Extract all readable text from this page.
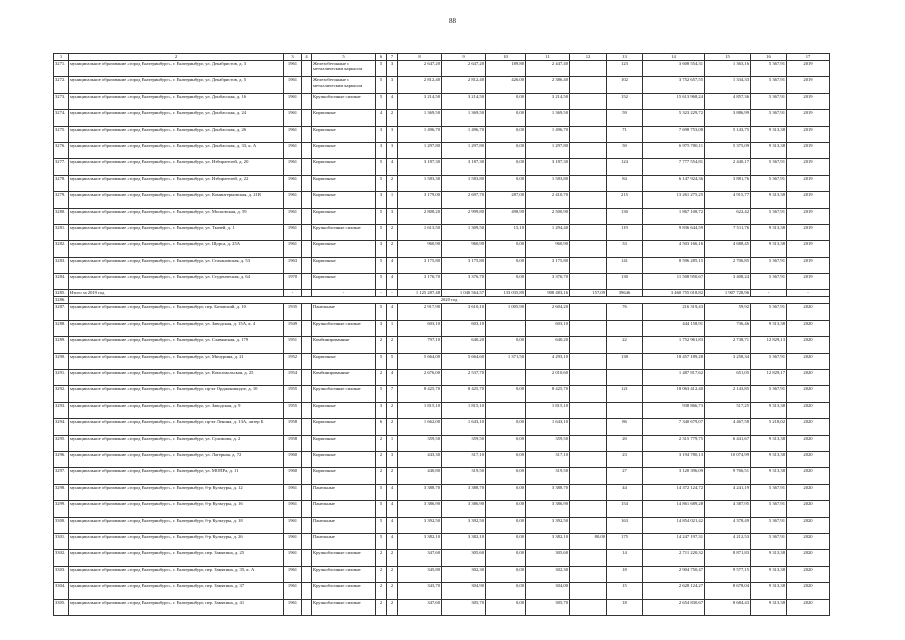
88
1	2	3	4	5	6	7	8	9	10	11	12	13	14	15	16	17
3271.	муниципальное образование «город Екатеринбург», г. Екатеринбург, ул. Декабристов, д. 3	1961		Железобетонные с металлическим каркасом	5	3	2 647,20	2 647,20	189,80	2 447,40		123	3 608 554,31	1 363,16	5 367,91	2019
3272.	муниципальное образование «город Екатеринбург», г. Екатеринбург, ул. Декабристов, д. 5	1961		Железобетонные с металлическим каркасом	5	3	2 812,40	2 812,40	426,00	2 386,40		102	3 752 657,55	1 334,33	5 367,91	2019
3273.	муниципальное образование «город Екатеринбург», г. Екатеринбург, ул. Донбасская, д. 16	1961		Крупноблочные силикат	5	4	3 214,50	3 214,50	0,00	3 214,50		152	15 613 968,24	4 857,36	5 367,91	2019
3274.	муниципальное образование «город Екатеринбург», г. Екатеринбург, ул. Донбасская, д. 24	1961		Кирпичные	4	2	1 369,50	1 369,50	0,00	1 369,50		59	5 323 229,72	3 886,99	5 367,91	2019
3275.	муниципальное образование «город Екатеринбург», г. Екатеринбург, ул. Донбасская, д. 26	1961		Кирпичные	3	3	1 496,70	1 496,70	0,00	1 496,70		71	7 698 753,08	5 143,75	9 313,38	2019
3276.	муниципальное образование «город Екатеринбург», г. Екатеринбург, ул. Донбасская, д. 33, к. А	1961		Кирпичные	3	3	1 297,80	1 297,80	0,00	1 297,80		50	6 975 700,11	5 375,09	9 313,38	2019
3277.	муниципальное образование «город Екатеринбург», г. Екатеринбург, ул. Избирателей, д. 20	1961		Кирпичные	5	4	3 187,30	3 187,30	0,00	3 187,30		124	7 777 554,81	2 440,17	5 367,91	2019
3278.	муниципальное образование «город Екатеринбург», г. Екатеринбург, ул. Избирателей, д. 22	1961		Кирпичные	5	2	1 583,30	1 583,80	0,00	1 583,80		84	6 147 924,36	3 881,76	5 367,91	2019
3279.	муниципальное образование «город Екатеринбург», г. Екатеринбург, ул. Коминтерновская, д. 21В	1961		Кирпичные	3	1	3 179,00	2 697,70	287,00	2 410,70		215	13 261 275,25	4 915,77	9 313,38	2019
3280.	муниципальное образование «город Екатеринбург», г. Екатеринбург, ул. Московская, д. 59	1961		Кирпичные	5	3	2 808,20	2 999,80	498,90	2 500,90		130	1 867 108,72	622,42	5 367,91	2019
3281.	муниципальное образование «город Екатеринбург», г. Екатеринбург, ул. Ткачей, д. 1	1961		Крупноблочные силикат	5	2	1 613,50	1 309,50	15,10	1 294,40		119	9 836 644,59	7 511,76	9 313,38	2019
3282.	муниципальное образование «город Екатеринбург», г. Екатеринбург, ул. Щорса, д. 25А	1961		Кирпичные	3	2	960,90	960,90	0,00	960,90		33	4 503 166,16	4 688,45	9 313,38	2019
3283.	муниципальное образование «город Екатеринбург», г. Екатеринбург, ул. Стахановская, д. 53	1963		Кирпичные	5	4	3 175,80	3 175,80	0,00	3 175,80		141	8 596 285,15	2 706,85	5 367,91	2019
3284.	муниципальное образование «город Екатеринбург», г. Екатеринбург, ул. Студенческая, д. 64	1970		Кирпичные	5	4	3 176,70	3 376,70	0,00	3 376,70		130	11 508 950,67	3 408,24	5 367,91	2019
3285.	Итого за 2019 год	-		-	-	-	1 125 287,48	1 040 564,57	133 035,89	908 483,16	157,09	39646	3 460 755 018,82	1 907 728,96	-	-
3286.	2020 год															
3287.	муниципальное образование «город Екатеринбург», г. Екатеринбург, пер. Базовский, д. 10	1935		Панельные	5	4	2 917,90	3 610,10	1 005,90	2 604,20		76	216 319,43	59,92	5 367,91	2020
3288.	муниципальное образование «город Екатеринбург», г. Екатеринбург, ул. Заводская, д. 15А, к. 4	1949		Крупноблочные силикат	3	1	603,10	603,10		603,10			444 158,91	736,46	9 313,38	2020
3289.	муниципальное образование «город Екатеринбург», г. Екатеринбург, ул. Славянская, д. 179	1951		Комбинированные	2	2	797,10	640,20	0,00	640,20		22	1 752 961,83	2 738,71	12 829,13	2020
3290.	муниципальное образование «город Екатеринбург», г. Екатеринбург, ул. Мичурина, д. 21	1952		Кирпичные	5	5	5 664,00	5 664,60	1 371,50	4 293,10		138	18 457 189,28	3 258,34	5 367,91	2020
3291.	муниципальное образование «город Екатеринбург», г. Екатеринбург, ул. Комсомольская, д. 25	1954		Комбинированные	2	4	2 676,00	2 537,70		2 010,60			1 487 817,62	651,05	12 829,17	2020
3292.	муниципальное образование «город Екатеринбург», г. Екатеринбург, пр-кт Орджоникидзе, д. 10	1955		Крупноблочные силикат	5	7	8 425,70	8 425,70	0,00	8 425,70		121	18 063 412,40	2 143,85	5 367,91	2020
3293.	муниципальное образование «город Екатеринбург», г. Екатеринбург, ул. Заводская, д. 9	1955		Кирпичные	3	2	1 815,10	1 815,10		1 815,10			938 866,73	517,25	9 313,38	2020
3294.	муниципальное образование «город Екатеринбург», г. Екатеринбург, пр-кт Ленина, д. 13А, литер Б	1958		Кирпичные	6	2	1 662,00	1 643,10	0,00	1 643,10		86	7 340 679,07	4 467,58	5 218,02	2020
3295.	муниципальное образование «город Екатеринбург», г. Екатеринбург, ул. Сулимова, д. 2	1958		Кирпичные	2	1	359,50	359,50	0,00	359,50		20	2 315 779,75	6 441,67	9 313,38	2020
3296.	муниципальное образование «город Екатеринбург», г. Екатеринбург, ул. Лагерная, д. 72	1960		Кирпичные	2	3	443,30	317,10	0,00	317,10		23	3 194 780,13	10 074,99	9 313,38	2020
3297.	муниципальное образование «город Екатеринбург», г. Екатеринбург, ул. МОПРа, д. 11	1960		Кирпичные	2	2	440,80	319,50	0,00	319,50		27	3 120 396,09	9 766,51	9 313,38	2020
3298.	муниципальное образование «город Екатеринбург», г. Екатеринбург, б-р Культуры, д. 12	1961		Панельные	5	4	3 388,70	3 388,70	0,00	3 388,70		44	14 372 124,72	4 241,19	5 367,91	2020
3299.	муниципальное образование «город Екатеринбург», г. Екатеринбург, б-р Культуры, д. 16	1961		Панельные	5	4	3 386,90	3 386,90	0,00	3 386,90		154	14 861 689,28	4 387,95	5 367,91	2020
3300.	муниципальное образование «город Екатеринбург», г. Екатеринбург, б-р Культуры, д. 18	1961		Панельные	5	4	3 392,50	3 392,50	0,00	3 392,50		163	14 854 021,42	4 378,49	5 367,91	2020
3301.	муниципальное образование «город Екатеринбург», г. Екатеринбург, б-р Культуры, д. 26	1961		Панельные	5	4	3 382,10	3 382,10	0,00	3 382,10	80,00	175	14 247 197,31	4 212,53	5 367,91	2020
3302.	муниципальное образование «город Екатеринбург», г. Екатеринбург, пер. Замятина, д. 25	1961		Крупноблочные силикат	2	2	347,60	305,60	0,00	305,60		14	2 711 220,32	8 871,83	9 313,38	2020
3303.	муниципальное образование «город Екатеринбург», г. Екатеринбург, пер. Замятина, д. 35, к. А	1961		Крупноблочные силикат	2	2	345,80	302,30	0,00	302,30		18	2 904 750,47	9 577,15	9 313,38	2020
3304.	муниципальное образование «город Екатеринбург», г. Екатеринбург, пер. Замятина, д. 37	1961		Крупноблочные силикат	2	2	343,70	304,90	0,00	304,00		15	2 628 124,27	8 678,04	9 313,38	2020
3305.	муниципальное образование «город Екатеринбург», г. Екатеринбург, пер. Замятина, д. 41	1961		Крупноблочные силикат	2	2	347,60	305,70	0,00	305,70		18	2 654 830,67	8 684,43	9 313,38	2020
